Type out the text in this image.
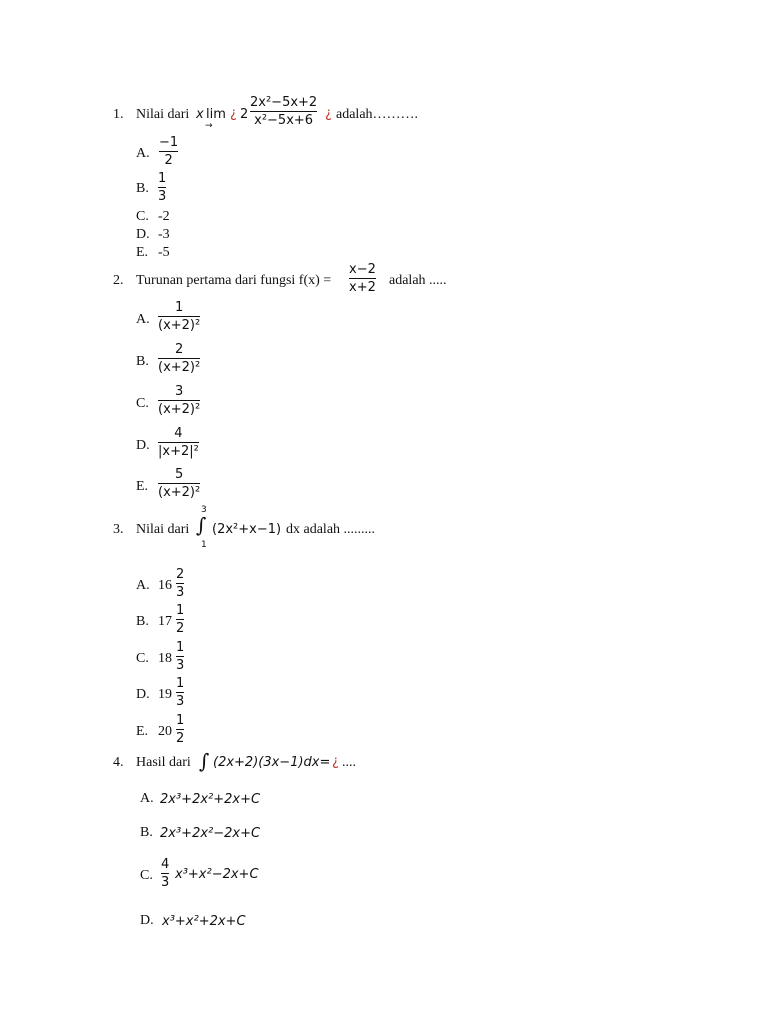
1. Nilai dari x lim
→
¿ 2
2x²−5x+2
x²−5x+6 ¿ adalah……….
A.
−1
2
B.
1
3
C. -2
D. -3
E. -5
2. Turunan pertama dari fungsi f(x) =
x−2
x+2 adalah .....
A.
1
(x+2)²
B.
2
(x+2)²
C.
3
(x+2)²
D.
4
|x+2|²
E.
5
(x+2)²
3. Nilai dari
3
∫
1
(2x²+x−1) dx adalah .........
A. 16
2
3
B. 17
1
2
C. 18
1
3
D. 19
1
3
E. 20
1
2
4. Hasil dari ∫ (2x+2)(3x−1)dx= ¿ ....
A. 2x³+2x²+2x+C
B. 2x³+2x²−2x+C
C.
4
3
x³+x²−2x+C
D. x³+x²+2x+C
